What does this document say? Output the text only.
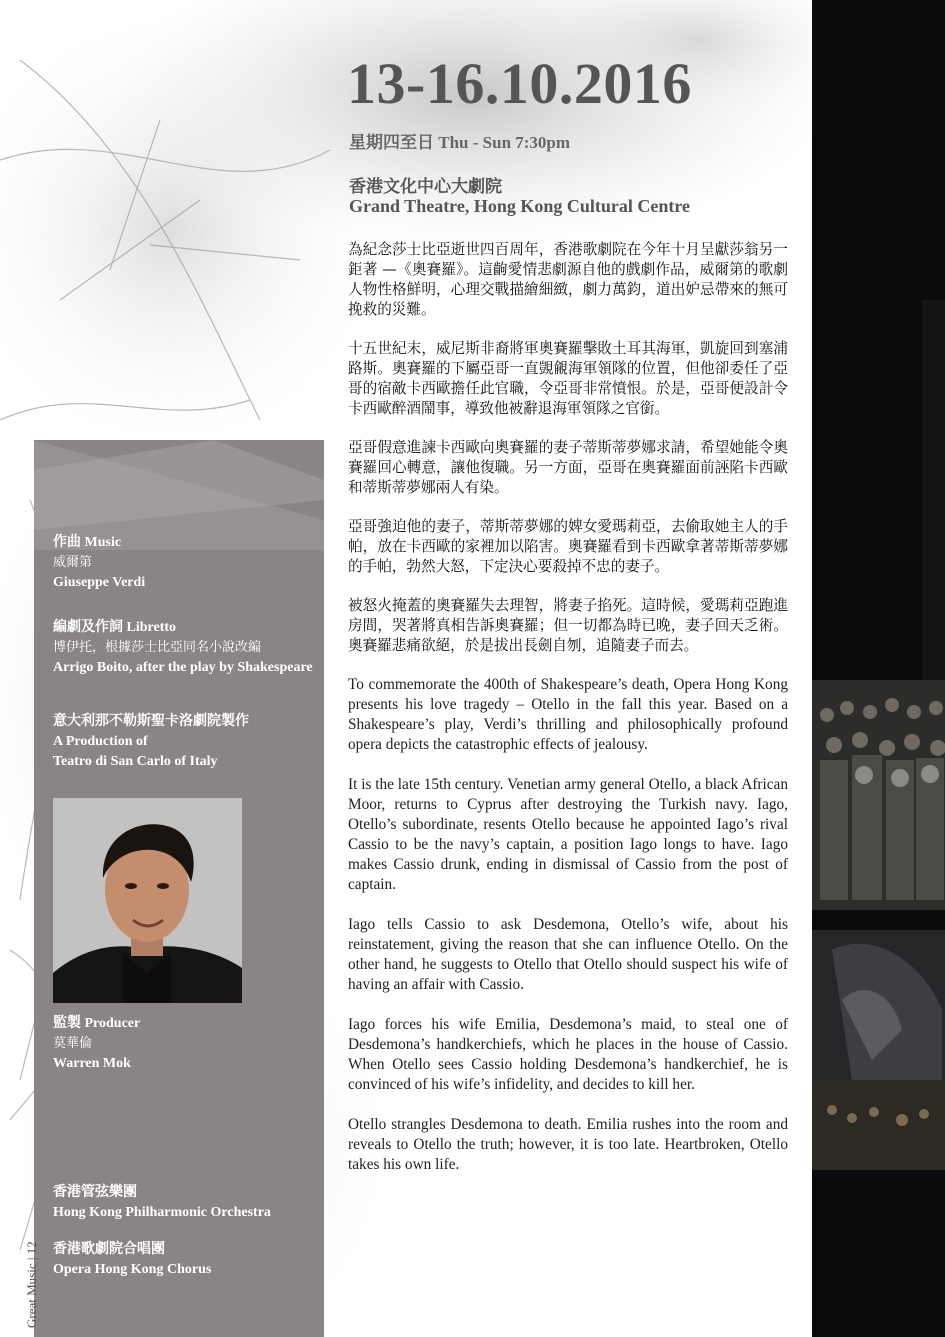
Great Music | 12
13-16.10.2016
星期四至日 Thu - Sun 7:30pm
香港文化中心大劇院
Grand Theatre, Hong Kong Cultural Centre

為紀念莎士比亞逝世四百周年，香港歌劇院在今年十月呈獻莎翁另一鉅著 —《奧賽羅》。這齣愛情悲劇源自他的戲劇作品，威爾第的歌劇人物性格鮮明，心理交戰描繪細緻，劇力萬鈞，道出妒忌帶來的無可挽救的災難。

十五世紀末，威尼斯非裔將軍奧賽羅擊敗土耳其海軍，凱旋回到塞浦路斯。奧賽羅的下屬亞哥一直覬覦海軍領隊的位置，但他卻委任了亞哥的宿敵卡西歐擔任此官職，令亞哥非常憤恨。於是，亞哥便設計令卡西歐醉酒鬧事，導致他被辭退海軍領隊之官銜。

亞哥假意進諫卡西歐向奧賽羅的妻子蒂斯蒂夢娜求請，希望她能令奧賽羅回心轉意，讓他復職。另一方面，亞哥在奧賽羅面前誣陷卡西歐和蒂斯蒂夢娜兩人有染。

亞哥強迫他的妻子，蒂斯蒂夢娜的婢女愛瑪莉亞，去偷取她主人的手帕，放在卡西歐的家裡加以陷害。奧賽羅看到卡西歐拿著蒂斯蒂夢娜的手帕，勃然大怒，下定決心要殺掉不忠的妻子。

被怒火掩蓋的奧賽羅失去理智，將妻子掐死。這時候，愛瑪莉亞跑進房間，哭著將真相告訴奧賽羅；但一切都為時已晚，妻子回天乏術。奧賽羅悲痛欲絕，於是拔出長劍自刎，追隨妻子而去。

To commemorate the 400th of Shakespeare’s death, Opera Hong Kong presents his love tragedy – Otello in the fall this year. Based on a Shakespeare’s play, Verdi’s thrilling and philosophically profound opera depicts the catastrophic effects of jealousy.

It is the late 15th century. Venetian army general Otello, a black African Moor, returns to Cyprus after destroying the Turkish navy. Iago, Otello’s subordinate, resents Otello because he appointed Iago’s rival Cassio to be the navy’s captain, a position Iago longs to have. Iago makes Cassio drunk, ending in dismissal of Cassio from the post of captain.

Iago tells Cassio to ask Desdemona, Otello’s wife, about his reinstatement, giving the reason that she can influence Otello. On the other hand, he suggests to Otello that Otello should suspect his wife of having an affair with Cassio.

Iago forces his wife Emilia, Desdemona’s maid, to steal one of Desdemona’s handkerchiefs, which he places in the house of Cassio. When Otello sees Cassio holding Desdemona’s handkerchief, he is convinced of his wife’s infidelity, and decides to kill her.

Otello strangles Desdemona to death. Emilia rushes into the room and reveals to Otello the truth; however, it is too late. Heartbroken, Otello takes his own life.

作曲 Music
威爾第
Giuseppe Verdi
編劇及作詞 Libretto
博伊托，根據莎士比亞同名小說改編
Arrigo Boito, after the play by Shakespeare
意大利那不勒斯聖卡洛劇院製作
A Production of
Teatro di San Carlo of Italy
監製 Producer
莫華倫
Warren Mok
香港管弦樂團
Hong Kong Philharmonic Orchestra
香港歌劇院合唱團
Opera Hong Kong Chorus
